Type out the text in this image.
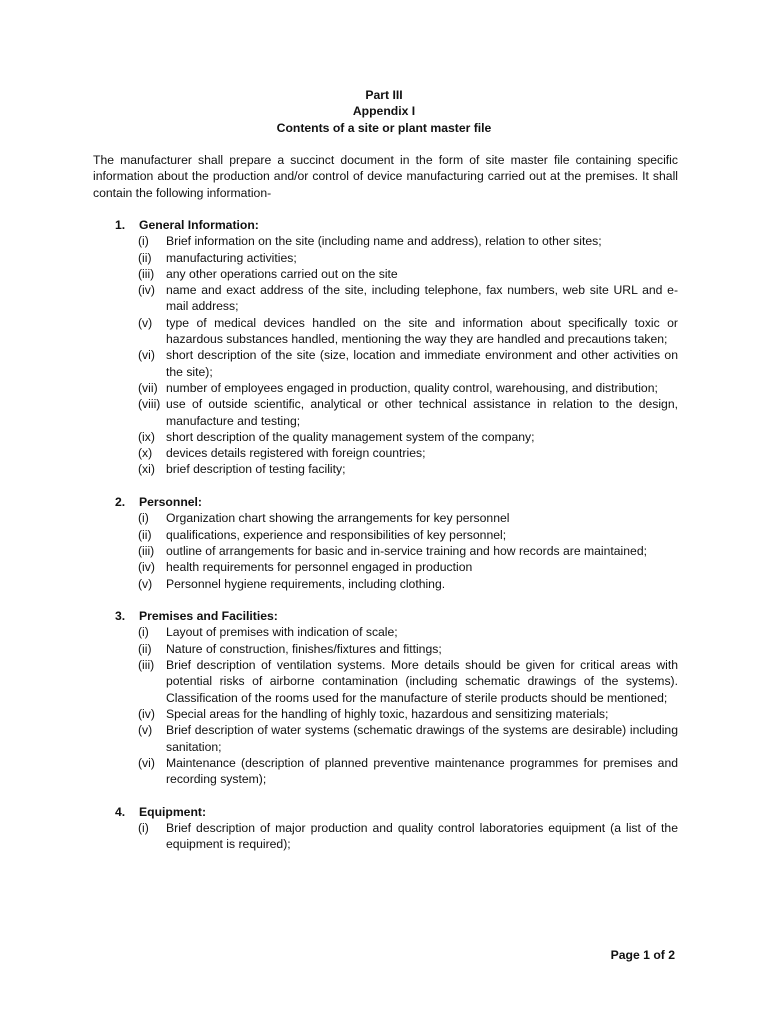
Part III
Appendix I
Contents of a site or plant master file
The manufacturer shall prepare a succinct document in the form of site master file containing specific information about the production and/or control of device manufacturing carried out at the premises. It shall contain the following information-
1.	General Information:
(i)	Brief information on the site (including name and address), relation to other sites;
(ii)	manufacturing activities;
(iii) any other operations carried out on the site
(iv) name and exact address of the site, including telephone, fax numbers, web site URL and e-mail address;
(v)	type of medical devices handled on the site and information about specifically toxic or hazardous substances handled, mentioning the way they are handled and precautions taken;
(vi) short description of the site (size, location and immediate environment and other activities on the site);
(vii) number of employees engaged in production, quality control, warehousing, and distribution;
(viii) use of outside scientific, analytical or other technical assistance in relation to the design, manufacture and testing;
(ix) short description of the quality management system of the company;
(x)	devices details registered with foreign countries;
(xi) brief description of testing facility;
2.	Personnel:
(i)	Organization chart showing the arrangements for key personnel
(ii)	qualifications, experience and responsibilities of key personnel;
(iii) outline of arrangements for basic and in-service training and how records are maintained;
(iv) health requirements for personnel engaged in production
(v)	Personnel hygiene requirements, including clothing.
3.	Premises and Facilities:
(i)	Layout of premises with indication of scale;
(ii)	Nature of construction, finishes/fixtures and fittings;
(iii) Brief description of ventilation systems. More details should be given for critical areas with potential risks of airborne contamination (including schematic drawings of the systems). Classification of the rooms used for the manufacture of sterile products should be mentioned;
(iv) Special areas for the handling of highly toxic, hazardous and sensitizing materials;
(v)	Brief description of water systems (schematic drawings of the systems are desirable) including sanitation;
(vi) Maintenance (description of planned preventive maintenance programmes for premises and recording system);
4.	Equipment:
(i)	Brief description of major production and quality control laboratories equipment (a list of the equipment is required);
Page 1 of 2
